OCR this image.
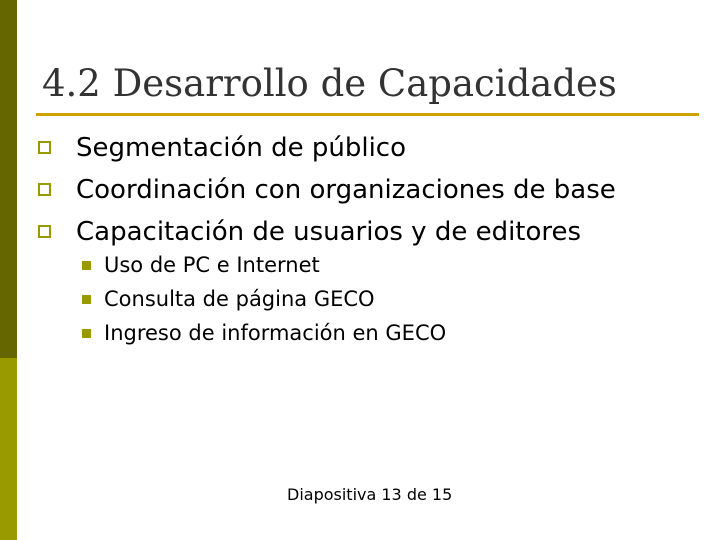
4.2 Desarrollo de Capacidades
Segmentación de público
Coordinación con organizaciones de base
Capacitación de usuarios y de editores
Uso de PC e Internet
Consulta de página GECO
Ingreso de información en GECO
Diapositiva 13 de 15
